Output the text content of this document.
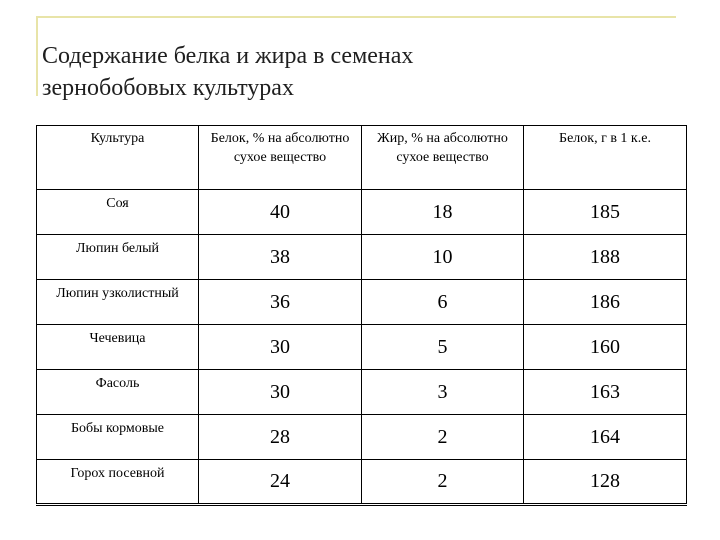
Содержание белка и жира в семенах
зернобобовых культурах
Культура	Белок, % на абсолютно сухое вещество	Жир, % на абсолютно сухое вещество	Белок, г в 1 к.е.
Соя	40	18	185
Люпин белый	38	10	188
Люпин узколистный	36	6	186
Чечевица	30	5	160
Фасоль	30	3	163
Бобы кормовые	28	2	164
Горох посевной	24	2	128
